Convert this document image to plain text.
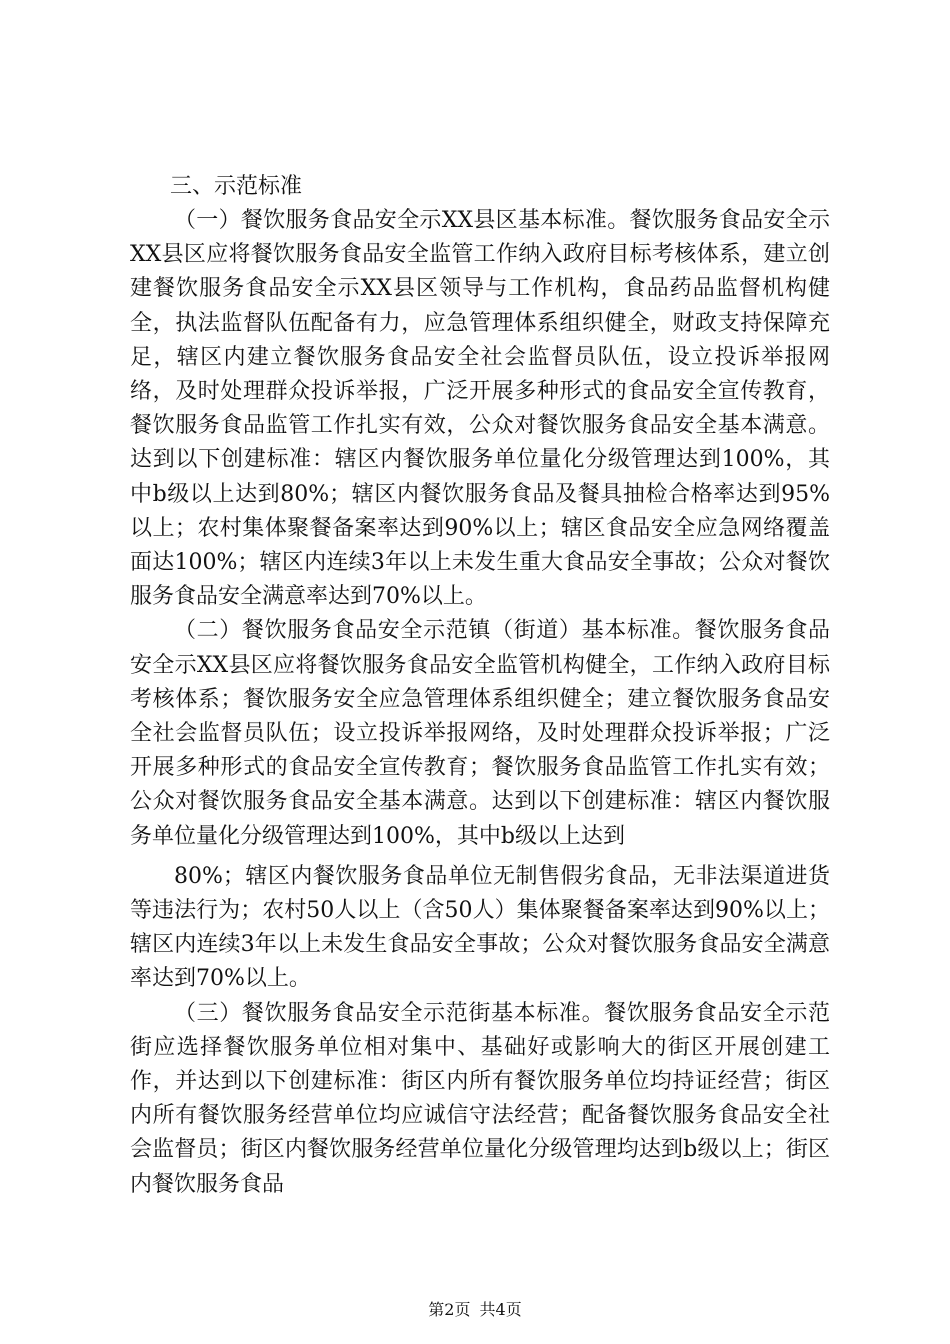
三、示范标准

（一）餐饮服务食品安全示XX县区基本标准。餐饮服务食品安全示XX县区应将餐饮服务食品安全监管工作纳入政府目标考核体系，建立创建餐饮服务食品安全示XX县区领导与工作机构，食品药品监督机构健全，执法监督队伍配备有力，应急管理体系组织健全，财政支持保障充足，辖区内建立餐饮服务食品安全社会监督员队伍，设立投诉举报网络，及时处理群众投诉举报，广泛开展多种形式的食品安全宣传教育，餐饮服务食品监管工作扎实有效，公众对餐饮服务食品安全基本满意。达到以下创建标准：辖区内餐饮服务单位量化分级管理达到100%，其中b级以上达到80%；辖区内餐饮服务食品及餐具抽检合格率达到95%以上；农村集体聚餐备案率达到90%以上；辖区食品安全应急网络覆盖面达100%；辖区内连续3年以上未发生重大食品安全事故；公众对餐饮服务食品安全满意率达到70%以上。

（二）餐饮服务食品安全示范镇（街道）基本标准。餐饮服务食品安全示XX县区应将餐饮服务食品安全监管机构健全，工作纳入政府目标考核体系；餐饮服务安全应急管理体系组织健全；建立餐饮服务食品安全社会监督员队伍；设立投诉举报网络，及时处理群众投诉举报；广泛开展多种形式的食品安全宣传教育；餐饮服务食品监管工作扎实有效；公众对餐饮服务食品安全基本满意。达到以下创建标准：辖区内餐饮服务单位量化分级管理达到100%，其中b级以上达到

80%；辖区内餐饮服务食品单位无制售假劣食品，无非法渠道进货等违法行为；农村50人以上（含50人）集体聚餐备案率达到90%以上；辖区内连续3年以上未发生食品安全事故；公众对餐饮服务食品安全满意率达到70%以上。

（三）餐饮服务食品安全示范街基本标准。餐饮服务食品安全示范街应选择餐饮服务单位相对集中、基础好或影响大的街区开展创建工作，并达到以下创建标准：街区内所有餐饮服务单位均持证经营；街区内所有餐饮服务经营单位均应诚信守法经营；配备餐饮服务食品安全社会监督员；街区内餐饮服务经营单位量化分级管理均达到b级以上；街区内餐饮服务食品

第2页 共4页
